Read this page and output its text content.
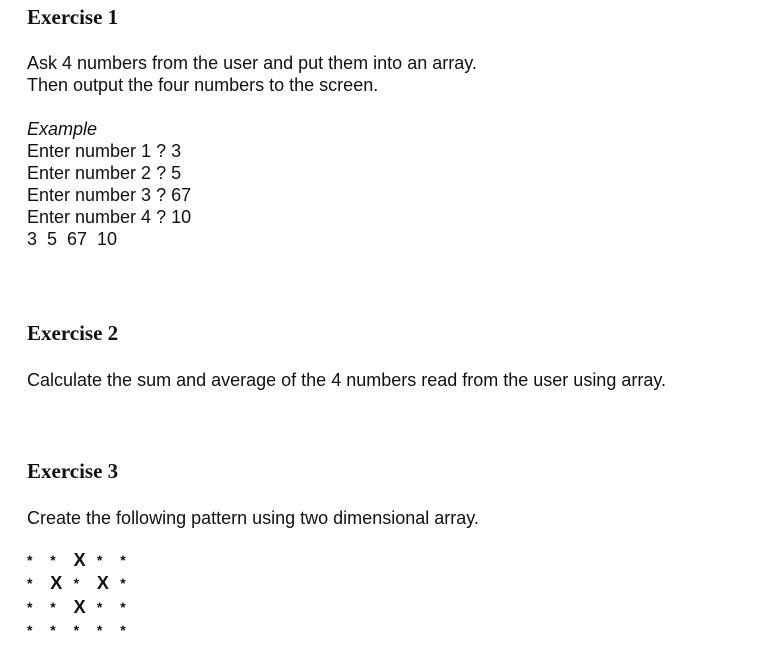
Exercise 1
Ask 4 numbers from the user and put them into an array.
Then output the four numbers to the screen.
Example
Enter number 1 ? 3
Enter number 2 ? 5
Enter number 3 ? 67
Enter number 4 ? 10
3  5  67  10
Exercise 2
Calculate the sum and average of the 4 numbers read from the user using array.
Exercise 3
Create the following pattern using two dimensional array.
* * X * *
* X * X *
* * X * *
* * * * *
